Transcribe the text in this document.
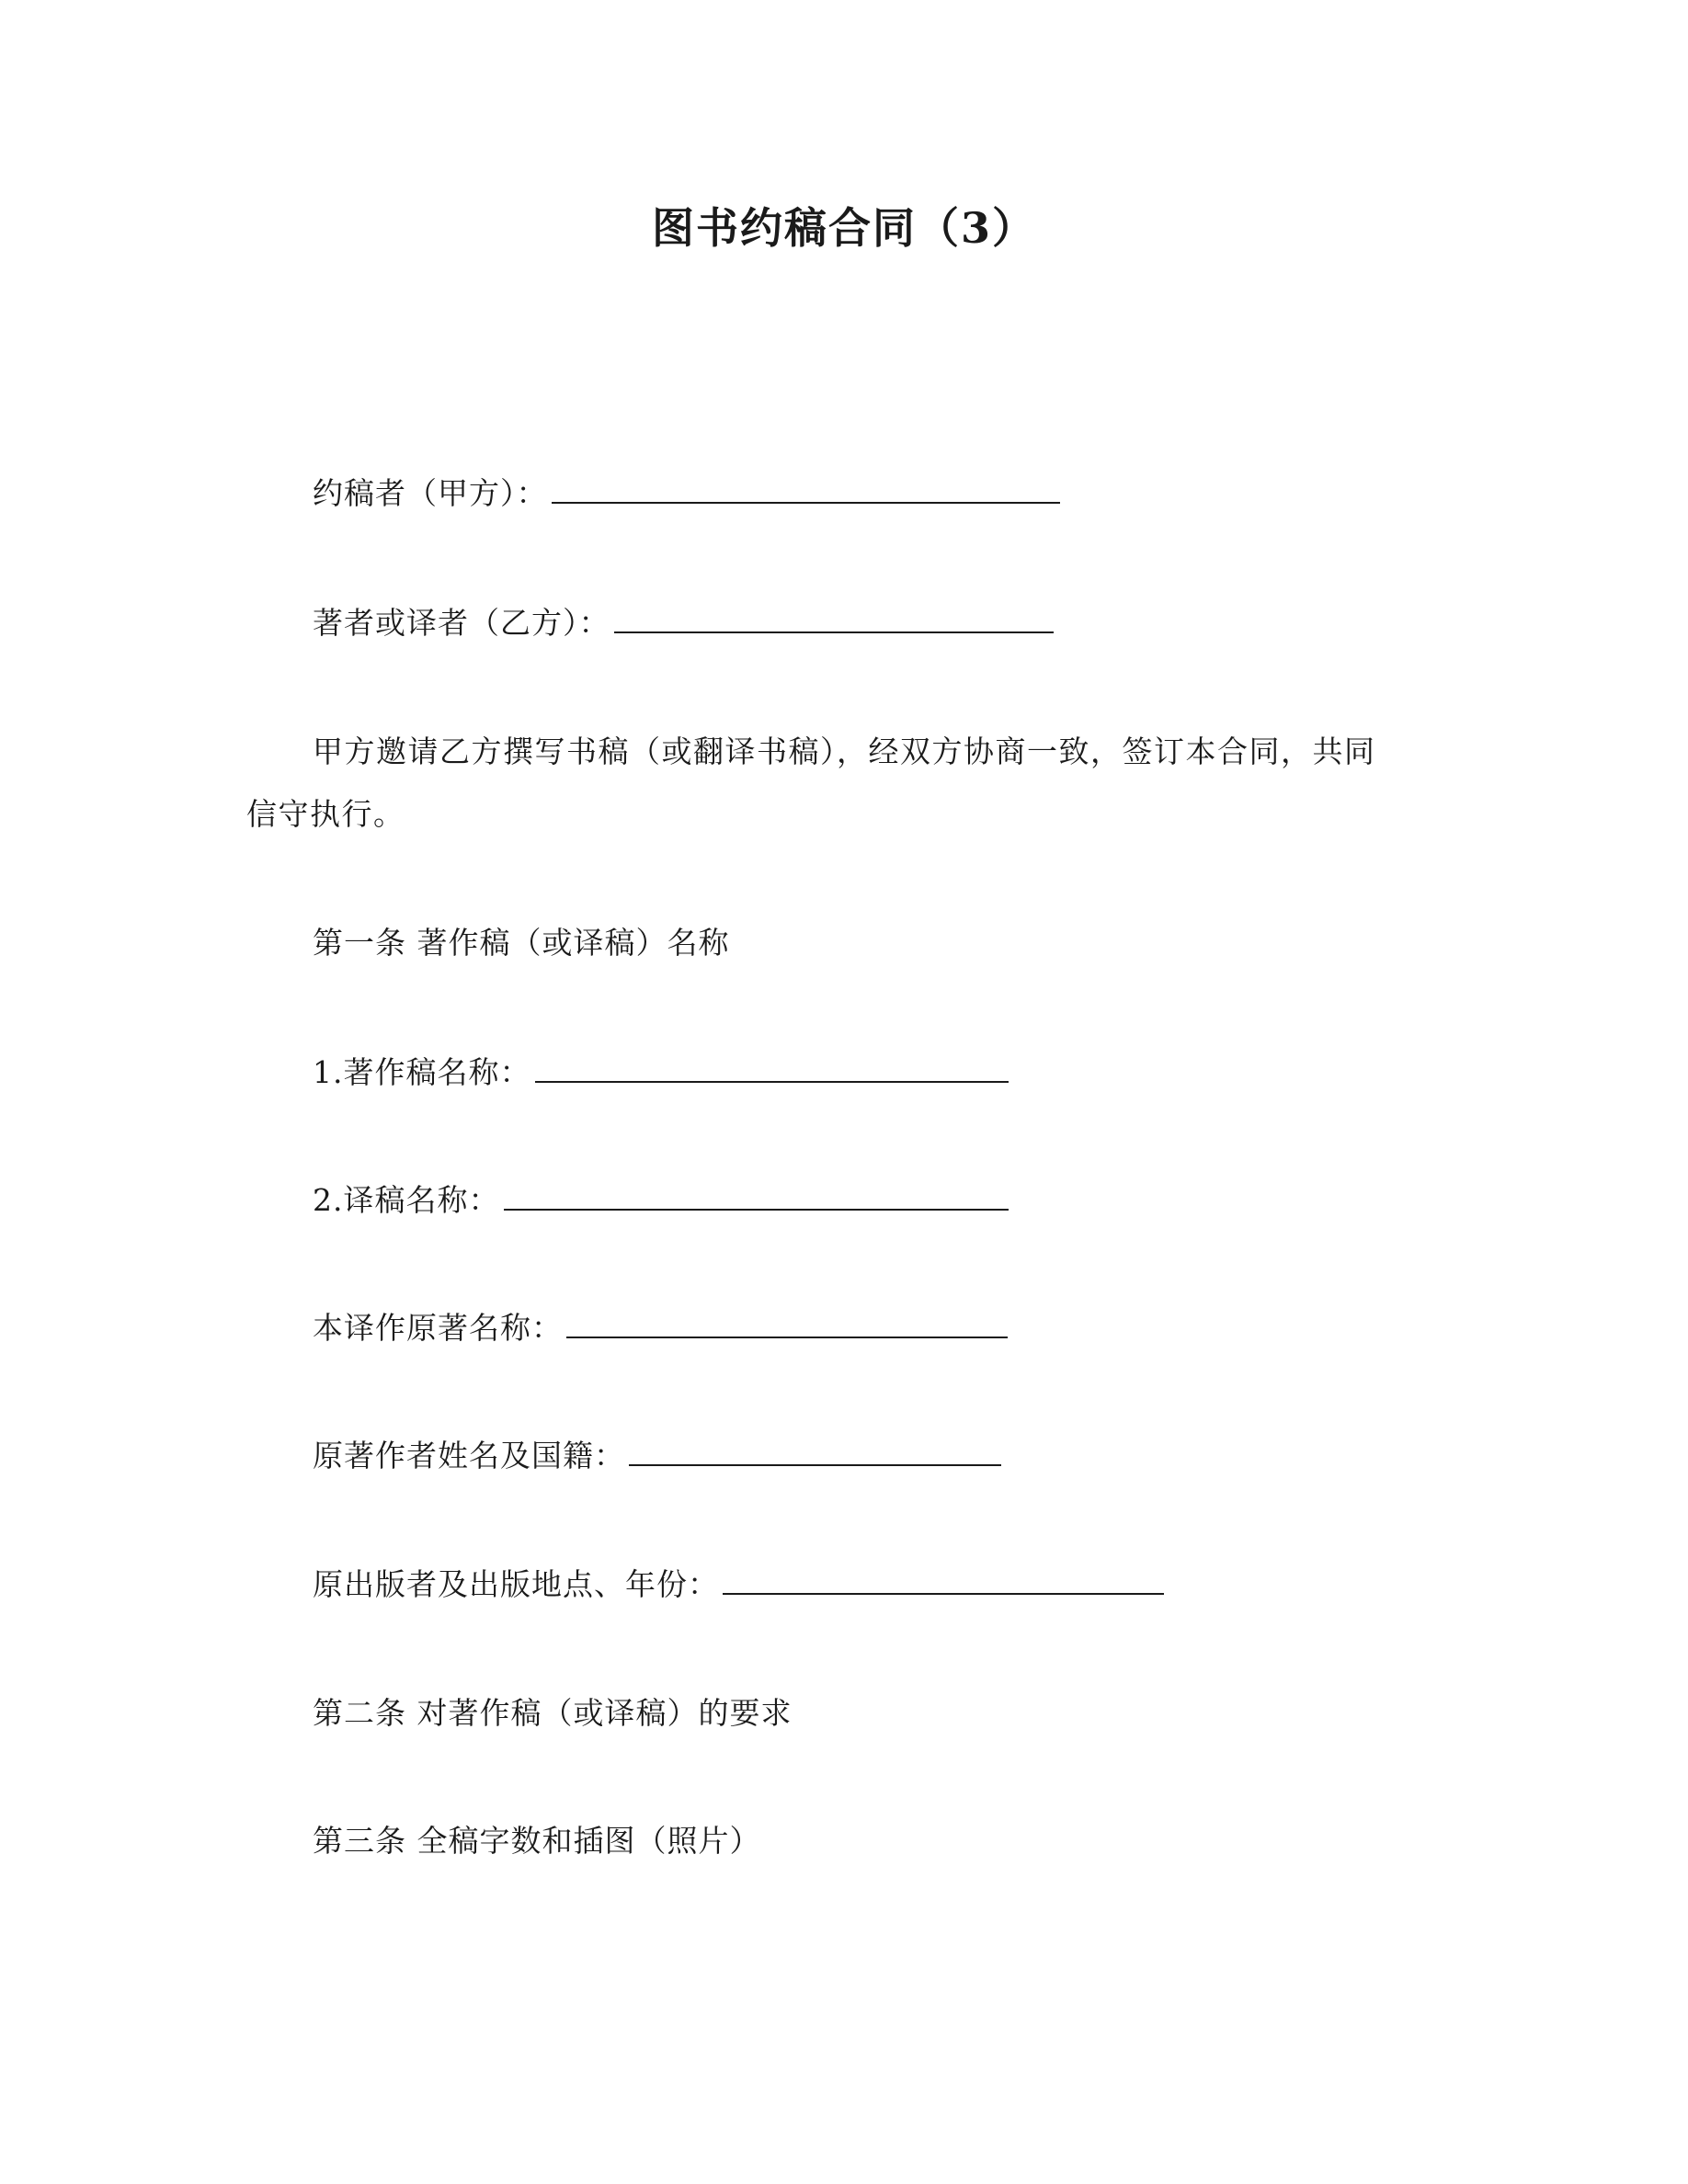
图书约稿合同（3）
约稿者（甲方）：
著者或译者（乙方）：
甲方邀请乙方撰写书稿（或翻译书稿），经双方协商一致，签订本合同，共同
信守执行。
第一条 著作稿（或译稿）名称
1.著作稿名称：
2.译稿名称：
本译作原著名称：
原著作者姓名及国籍：
原出版者及出版地点、年份：
第二条 对著作稿（或译稿）的要求
第三条 全稿字数和插图（照片）
